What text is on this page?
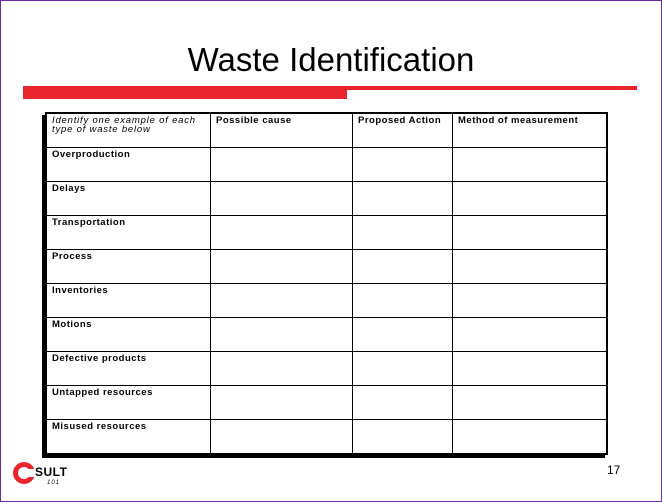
Waste Identification
Identify one example of each type of waste below	Possible cause	Proposed Action	Method of measurement
Overproduction			
Delays			
Transportation			
Process			
Inventories			
Motions			
Defective products			
Untapped resources			
Misused resources			
SULT
101
17
